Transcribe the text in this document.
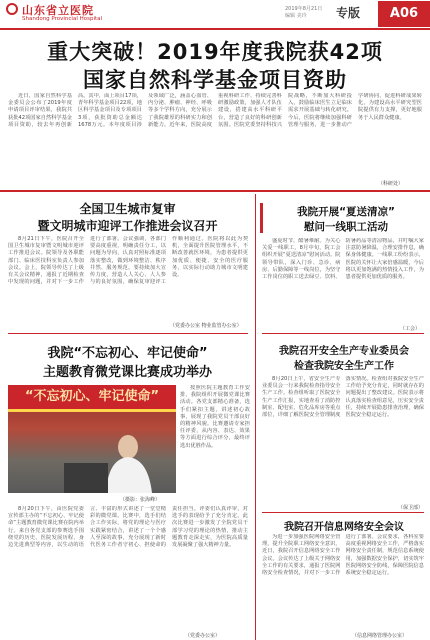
山东省立医院
Shandong Provincial Hospital
2019年8月21日
编辑 美玲	专版	A06
重大突破！2019年度我院获42项
国家自然科学基金项目资助
近日，国家自然科学基金委员会公布了2019年度申请项目评审结果，我院共获批42项国家自然科学基金项目资助，较去年再创新高。其中，面上项目17项，青年科学基金项目22项，地区科学基金项目及专项项目3项，获批资助总金额达1678万元。本年度项目涉及领域广泛，涵盖心血管、内分泌、肿瘤、神经、呼吸等多个学科方向，充分展示了我院雄厚的科研实力和创新能力。近年来，医院高度重视科研工作，持续完善科研激励政策，加强人才队伍建设，搭建高水平科研平台，营造了良好的科研创新氛围。医院党委坚持科技兴院战略，不断加大科研投入，鼓励临床医生立足临床需求开展基础与转化研究。今后，医院将继续加强科研管理与服务，进一步推动产学研协同，促进科研成果转化，为建设高水平研究型医院提供有力支撑，更好地服务于人民群众健康。
（科研处）
全国卫生城市复审
暨文明城市迎评工作推进会议召开
8月21日下午，医院召开全国卫生城市复审暨文明城市迎评工作推进会议。院领导及各职能部门、临床医技科室负责人参加会议。会上，院领导传达了上级有关会议精神，通报了近期检查中发现的问题，并对下一步工作进行了部署。会议强调，各部门要高度重视，明确责任分工，以问题为导向，认真对照标准逐项落实整改，做到环境整洁、秩序井然、服务规范。要持续加大宣传力度，营造人人关心、人人参与的良好氛围，确保复审迎评工作顺利通过。医院将以此为契机，全面提升医院管理水平，不断改善就医环境，为患者提供更加优质、便捷、安全的医疗服务，以实际行动助力城市文明建设。
（党委办公室 物业监管办公室）
我院“不忘初心、牢记使命”
主题教育微党课比赛成功举办
“不忘初心、牢记使命”
（摄影：张海峰）
按照医院主题教育工作安排，我院组织开展微党课比赛活动。各党支部精心准备，选手们紧扣主题，讲述初心故事，展现了我院党员干部良好的精神风貌。比赛邀请专家担任评委，从内容、表达、效果等方面进行综合评分，最终评选出优胜作品。
8月20日下午，由医院党委宣传部主办的“不忘初心、牢记使命”主题教育微党课比赛在院内举行。来自各党支部的参赛选手围绕党的历史、医院发展历程、身边先进典型等内容，以生动的语言、丰富的形式讲述了一堂堂精彩的微党课。比赛中，选手们结合工作实际，将党的理论与医疗实践紧密结合，讲述了一个个感人至深的故事，充分展现了新时代医务工作者守初心、担使命的责任担当。评委们认真评审，对选手的表现给予了充分肯定。此次比赛进一步激发了全院党员干部学习党的理论的热情，推动主题教育走深走实，为医院高质量发展凝聚了强大精神力量。
（党委办公室）
我院开展“夏送清凉”
慰问一线职工活动
盛夏时节，酷暑难耐。为关心关爱一线职工，8月中旬，院工会组织开展“夏送清凉”慰问活动。院领导带队，深入门诊、急诊、病房、后勤保障等一线岗位，为坚守工作岗位的职工送去绿豆、饮料、防暑药品等清凉物品，并叮嘱大家注意防暑降温，合理安排作息，确保身体健康。一线职工纷纷表示，医院的关怀让大家倍感温暖，今后将以更加饱满的热情投入工作，为患者提供更加优质的服务。
（工会）
我院召开安全生产专业委员会
检查我院安全生产工作
8月20日上午，省安全生产专业委员会一行来我院检查指导安全生产工作。检查组听取了医院安全生产工作汇报，实地查看了消防控制室、配电室、危化品库房等重点部位，详细了解医院安全管理制度落实情况。检查组对我院安全生产工作给予充分肯定，同时就存在的问题提出了整改建议。医院表示将认真落实检查组意见，压实安全责任，持续开展隐患排查治理，确保医院安全稳定运行。
（保卫部）
我院召开信息网络安全会议
为进一步加强医院网络安全管理，提升全院职工网络安全意识，近日，我院召开信息网络安全工作会议。会议传达了上级关于网络安全工作的有关要求，通报了医院网络安全检查情况，并对下一步工作进行了部署。会议要求，各科室要高度重视网络安全工作，严格落实网络安全责任制，规范信息系统使用，加强数据安全保护，切实筑牢医院网络安全防线，保障医院信息系统安全稳定运行。
（信息网络管理办公室）
